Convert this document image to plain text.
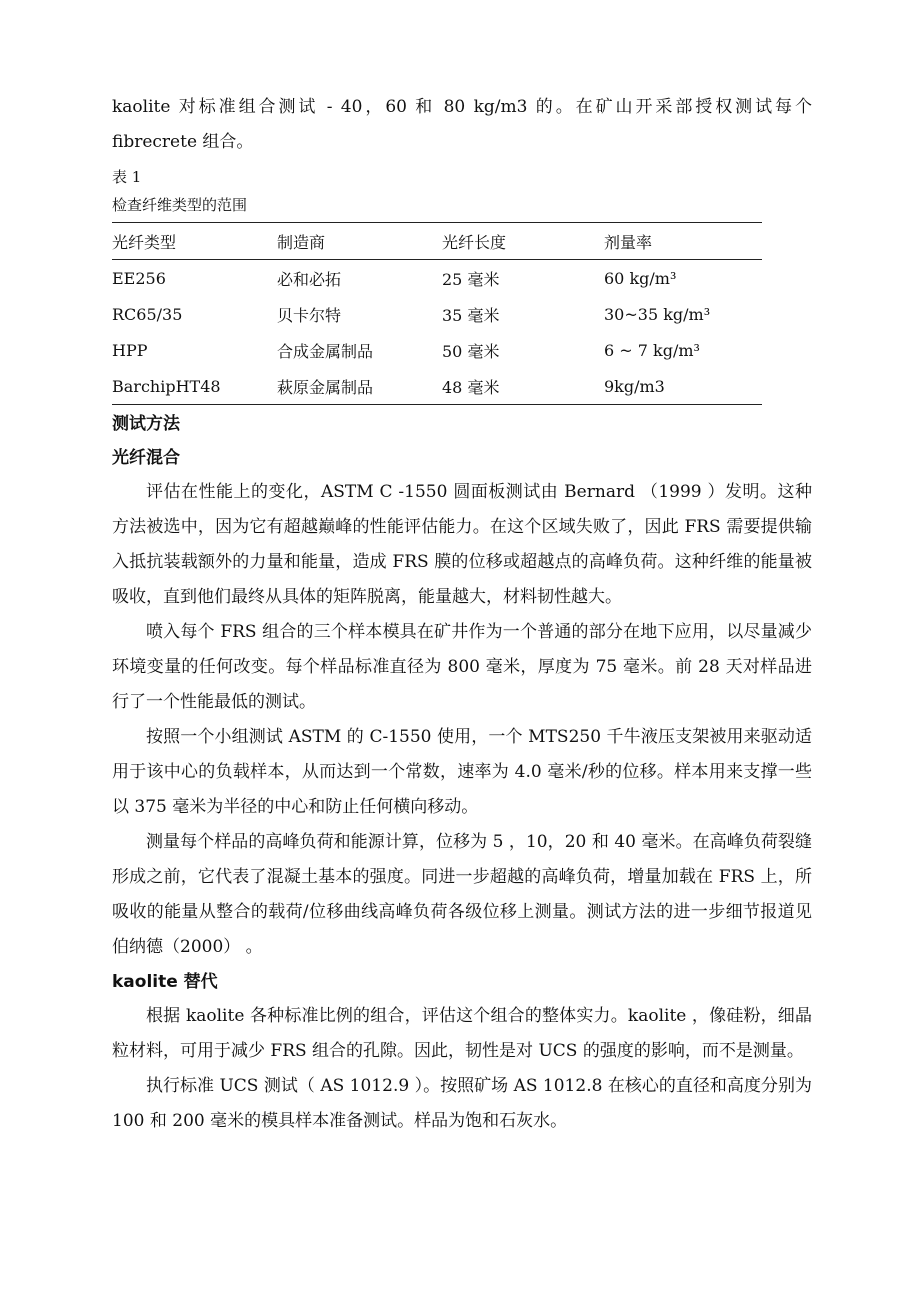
kaolite 对标准组合测试 - 40，60 和 80 kg/m3 的。在矿山开采部授权测试每个 fibrecrete 组合。

表 1

检查纤维类型的范围

光纤类型	制造商	光纤长度	剂量率
EE256	必和必拓	25 毫米	60 kg/m³
RC65/35	贝卡尔特	35 毫米	30~35 kg/m³
HPP	合成金属制品	50 毫米	6 ~ 7 kg/m³
BarchipHT48	萩原金属制品	48 毫米	9kg/m3
测试方法
光纤混合

评估在性能上的变化，ASTM C -1550 圆面板测试由 Bernard （1999 ）发明。这种方法被选中，因为它有超越巅峰的性能评估能力。在这个区域失败了，因此 FRS 需要提供输入抵抗装载额外的力量和能量，造成 FRS 膜的位移或超越点的高峰负荷。这种纤维的能量被吸收，直到他们最终从具体的矩阵脱离，能量越大，材料韧性越大。

喷入每个 FRS 组合的三个样本模具在矿井作为一个普通的部分在地下应用，以尽量减少环境变量的任何改变。每个样品标准直径为 800 毫米，厚度为 75 毫米。前 28 天对样品进行了一个性能最低的测试。

按照一个小组测试 ASTM 的 C-1550 使用，一个 MTS250 千牛液压支架被用来驱动适用于该中心的负载样本，从而达到一个常数，速率为 4.0 毫米/秒的位移。样本用来支撑一些以 375 毫米为半径的中心和防止任何横向移动。

测量每个样品的高峰负荷和能源计算，位移为 5 ，10，20 和 40 毫米。在高峰负荷裂缝形成之前，它代表了混凝土基本的强度。同进一步超越的高峰负荷，增量加载在 FRS 上，所吸收的能量从整合的载荷/位移曲线高峰负荷各级位移上测量。测试方法的进一步细节报道见伯纳德（2000） 。

kaolite 替代

根据 kaolite 各种标准比例的组合，评估这个组合的整体实力。kaolite ，像硅粉，细晶粒材料，可用于减少 FRS 组合的孔隙。因此，韧性是对 UCS 的强度的影响，而不是测量。

执行标准 UCS 测试（ AS 1012.9 ）。按照矿场 AS 1012.8 在核心的直径和高度分别为 100 和 200 毫米的模具样本准备测试。样品为饱和石灰水。
